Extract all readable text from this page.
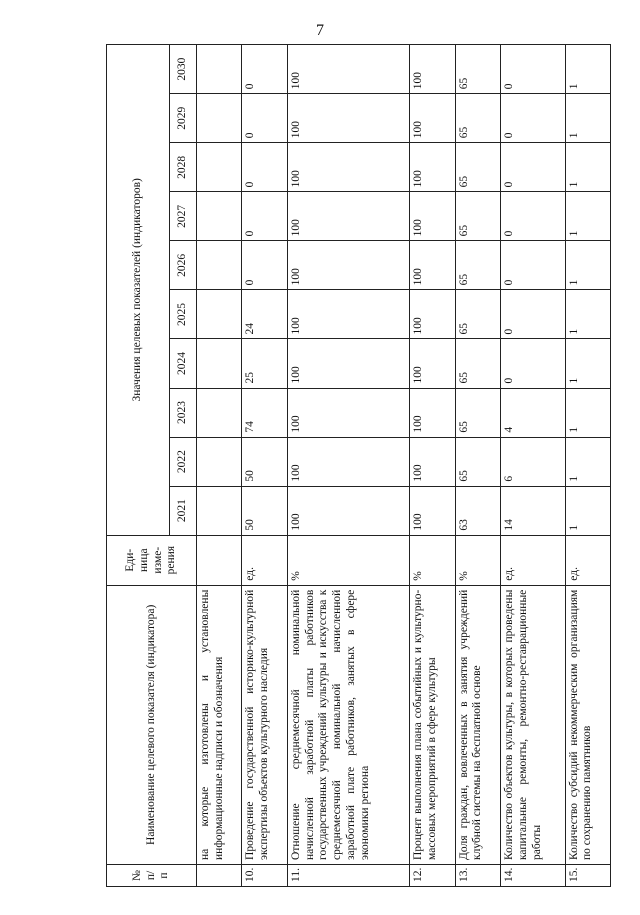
7
№ п/п	Наименование целевого показателя (индикатора)	Еди- ница изме- рения	Значения целевых показателей (индикаторов)									
			2021	2022	2023	2024	2025	2026	2027	2028	2029	2030
	на которые изготовлены и установлены информационные надписи и обозначения											
10.	Проведение государственной историко-культурной экспертизы объектов культурного наследия	ед.	50	50	74	25	24	0	0	0	0	0
11.	Отношение среднемесячной номинальной начисленной заработной платы работников государственных учреждений культуры и искусства к среднемесячной номинальной начисленной заработной плате работников, занятых в сфере экономики региона	%	100	100	100	100	100	100	100	100	100	100
12.	Процент выполнения плана событийных и культурно-массовых мероприятий в сфере культуры	%	100	100	100	100	100	100	100	100	100	100
13.	Доля граждан, вовлеченных в занятия учреждений клубной системы на бесплатной основе	%	63	65	65	65	65	65	65	65	65	65
14.	Количество объектов культуры, в которых проведены капитальные ремонты, ремонтно-реставрационные работы	ед.	14	6	4	0	0	0	0	0	0	0
15.	Количество субсидий некоммерческим организациям по сохранению памятников	ед.	1	1	1	1	1	1	1	1	1	1
